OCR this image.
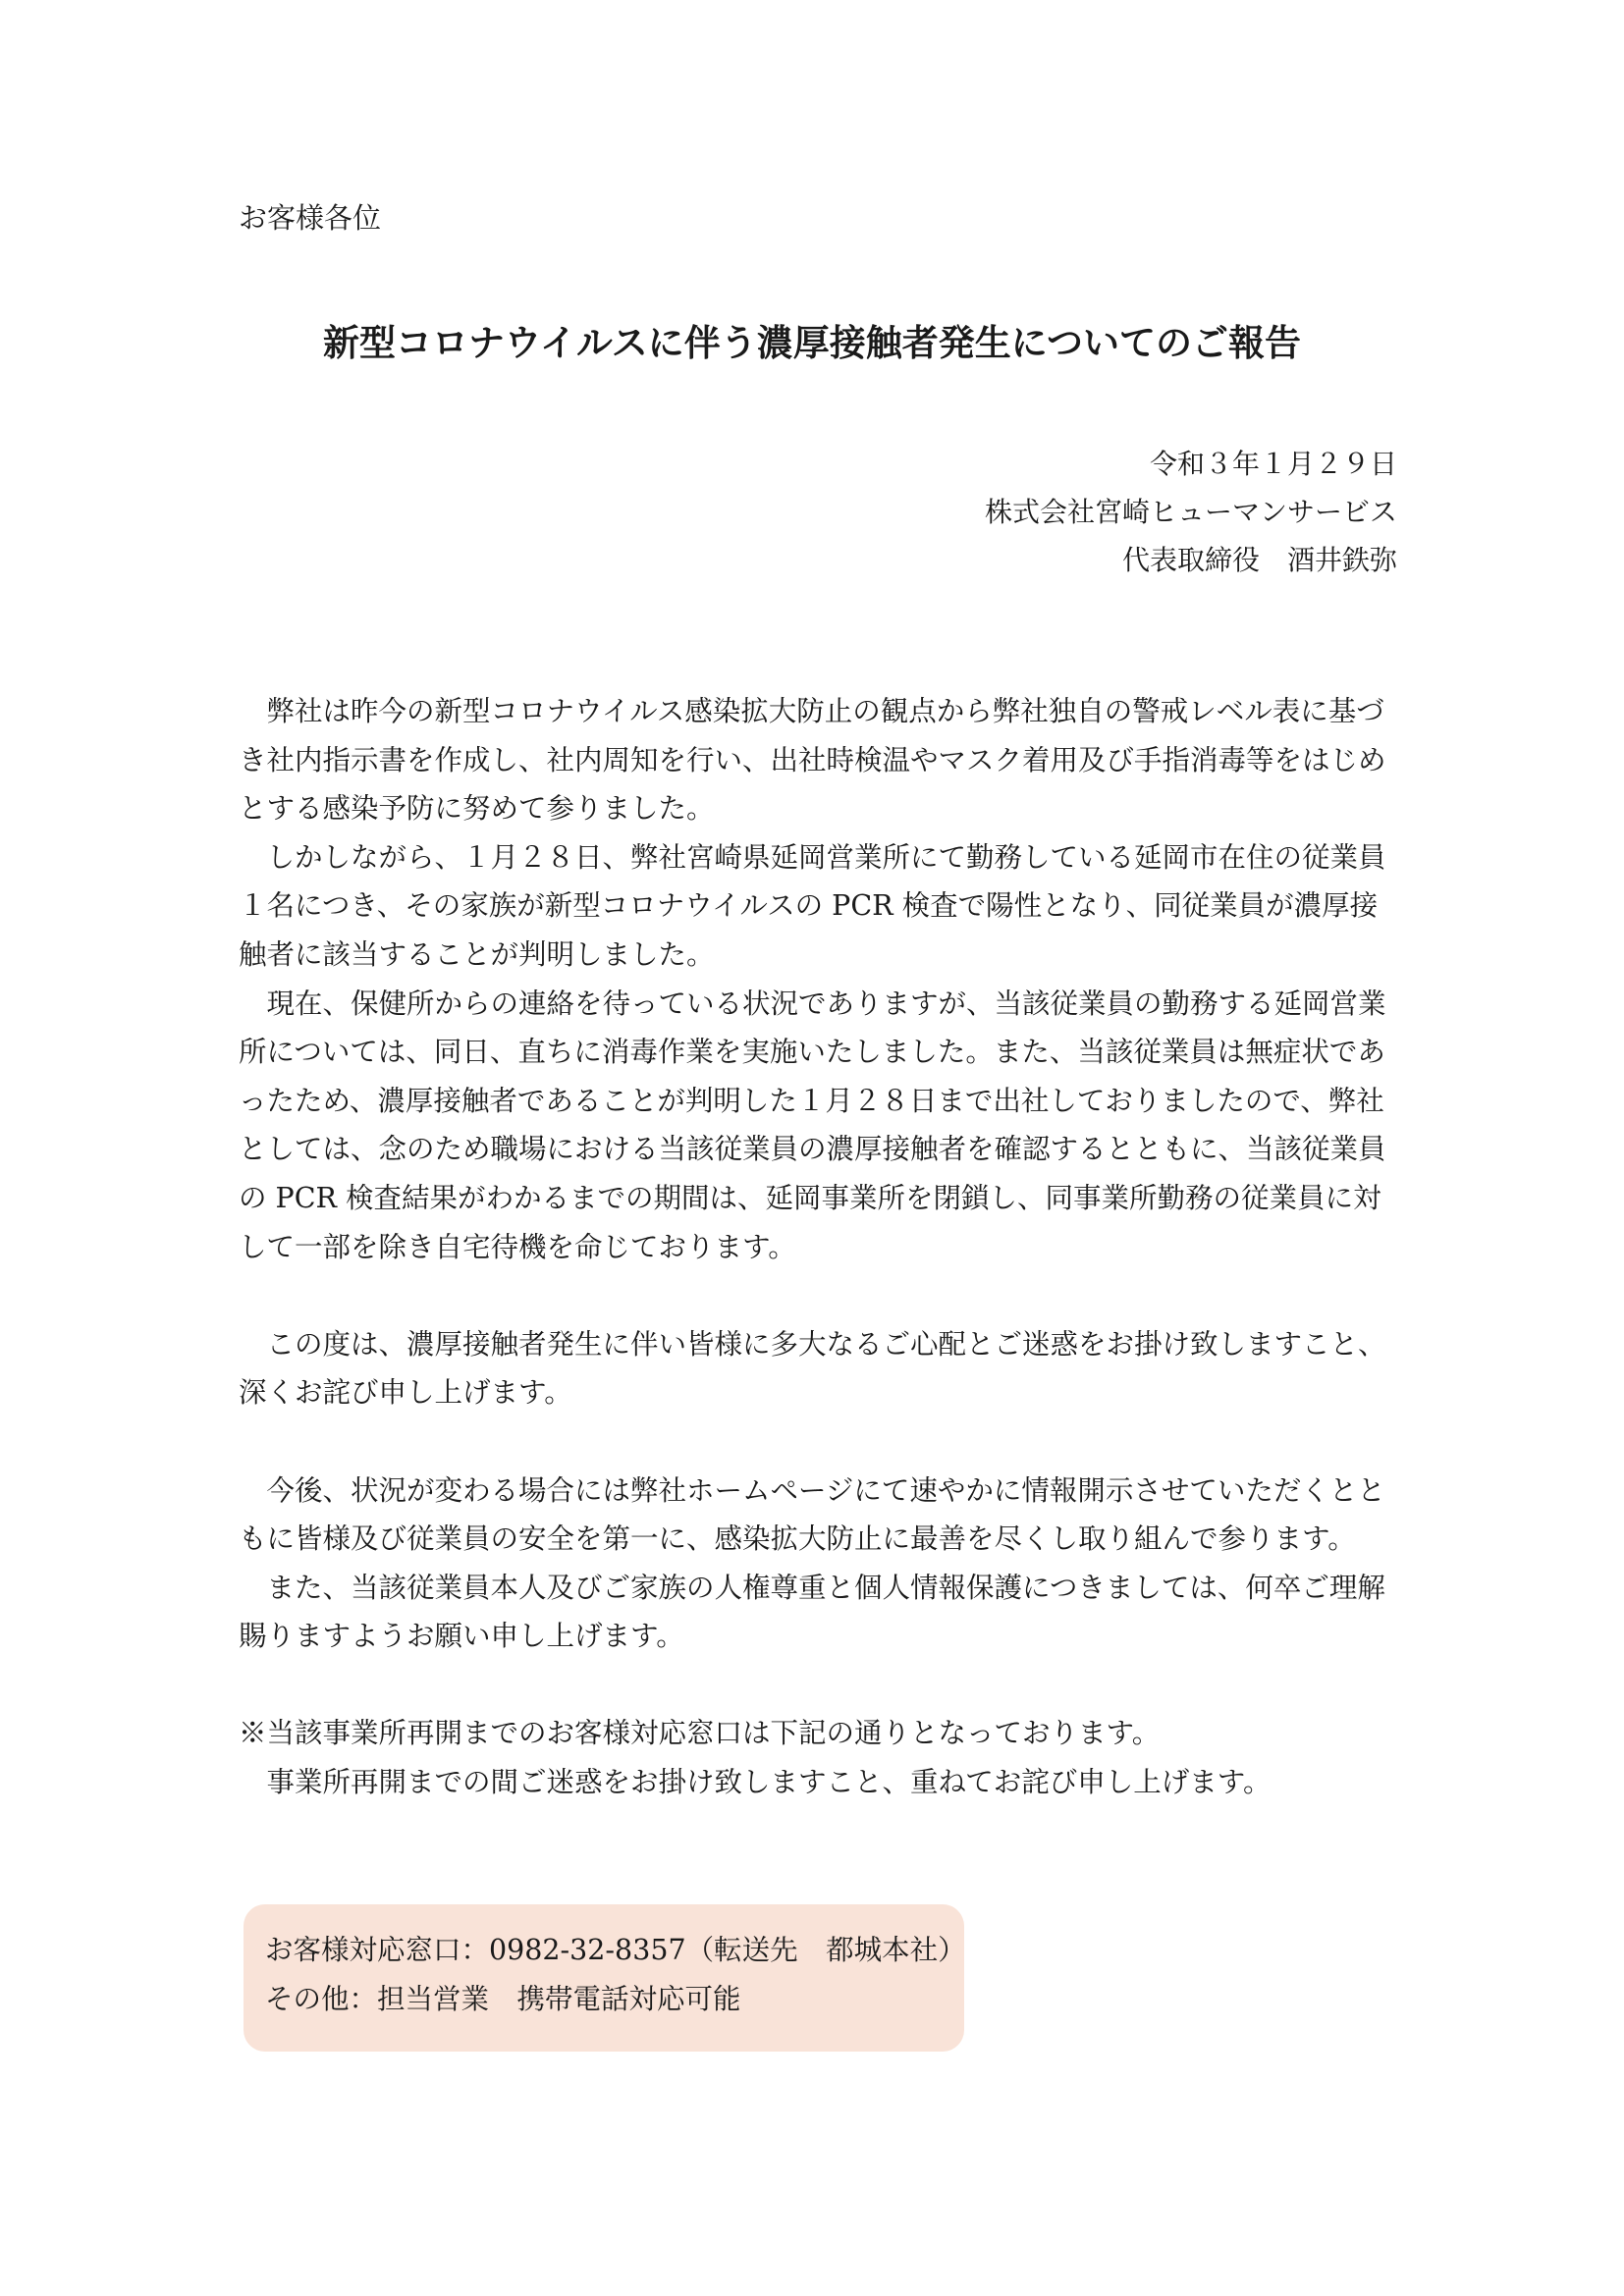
お客様各位
新型コロナウイルスに伴う濃厚接触者発生についてのご報告
令和３年１月２９日
株式会社宮崎ヒューマンサービス
代表取締役　酒井鉄弥

弊社は昨今の新型コロナウイルス感染拡大防止の観点から弊社独自の警戒レベル表に基づき社内指示書を作成し、社内周知を行い、出社時検温やマスク着用及び手指消毒等をはじめとする感染予防に努めて参りました。

しかしながら、１月２８日、弊社宮崎県延岡営業所にて勤務している延岡市在住の従業員１名につき、その家族が新型コロナウイルスの PCR 検査で陽性となり、同従業員が濃厚接触者に該当することが判明しました。

現在、保健所からの連絡を待っている状況でありますが、当該従業員の勤務する延岡営業所については、同日、直ちに消毒作業を実施いたしました。また、当該従業員は無症状であったため、濃厚接触者であることが判明した１月２８日まで出社しておりましたので、弊社としては、念のため職場における当該従業員の濃厚接触者を確認するとともに、当該従業員の PCR 検査結果がわかるまでの期間は、延岡事業所を閉鎖し、同事業所勤務の従業員に対して一部を除き自宅待機を命じております。

この度は、濃厚接触者発生に伴い皆様に多大なるご心配とご迷惑をお掛け致しますこと、深くお詫び申し上げます。

今後、状況が変わる場合には弊社ホームページにて速やかに情報開示させていただくとともに皆様及び従業員の安全を第一に、感染拡大防止に最善を尽くし取り組んで参ります。

また、当該従業員本人及びご家族の人権尊重と個人情報保護につきましては、何卒ご理解賜りますようお願い申し上げます。

※当該事業所再開までのお客様対応窓口は下記の通りとなっております。

　事業所再開までの間ご迷惑をお掛け致しますこと、重ねてお詫び申し上げます。

お客様対応窓口：0982-32-8357（転送先　都城本社）
その他：担当営業　携帯電話対応可能
